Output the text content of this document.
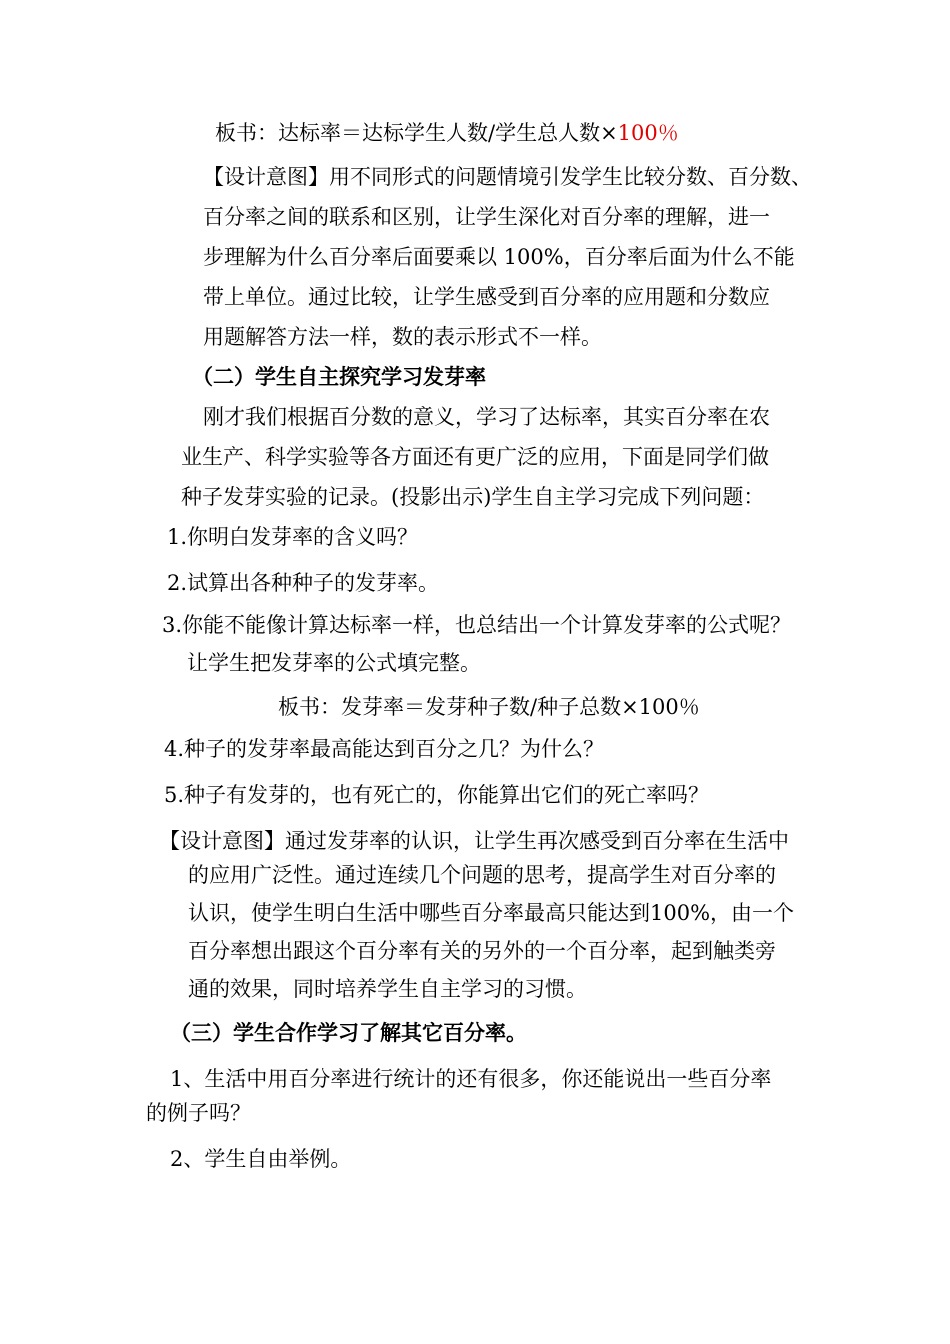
板书：达标率＝达标学生人数/学生总人数×100％
【设计意图】用不同形式的问题情境引发学生比较分数、百分数、
百分率之间的联系和区别，让学生深化对百分率的理解，进一
步理解为什么百分率后面要乘以 100%，百分率后面为什么不能
带上单位。通过比较，让学生感受到百分率的应用题和分数应
用题解答方法一样，数的表示形式不一样。
（二）学生自主探究学习发芽率
刚才我们根据百分数的意义，学习了达标率，其实百分率在农
业生产、科学实验等各方面还有更广泛的应用，下面是同学们做
种子发芽实验的记录。(投影出示)学生自主学习完成下列问题：
1.你明白发芽率的含义吗？
2.试算出各种种子的发芽率。
3.你能不能像计算达标率一样，也总结出一个计算发芽率的公式呢？
让学生把发芽率的公式填完整。
板书：发芽率＝发芽种子数/种子总数×100％
4.种子的发芽率最高能达到百分之几？为什么？
5.种子有发芽的，也有死亡的，你能算出它们的死亡率吗？
【设计意图】通过发芽率的认识，让学生再次感受到百分率在生活中
的应用广泛性。通过连续几个问题的思考，提高学生对百分率的
认识，使学生明白生活中哪些百分率最高只能达到100%，由一个
百分率想出跟这个百分率有关的另外的一个百分率，起到触类旁
通的效果，同时培养学生自主学习的习惯。
（三）学生合作学习了解其它百分率。
1、生活中用百分率进行统计的还有很多，你还能说出一些百分率
的例子吗？
2、学生自由举例。
